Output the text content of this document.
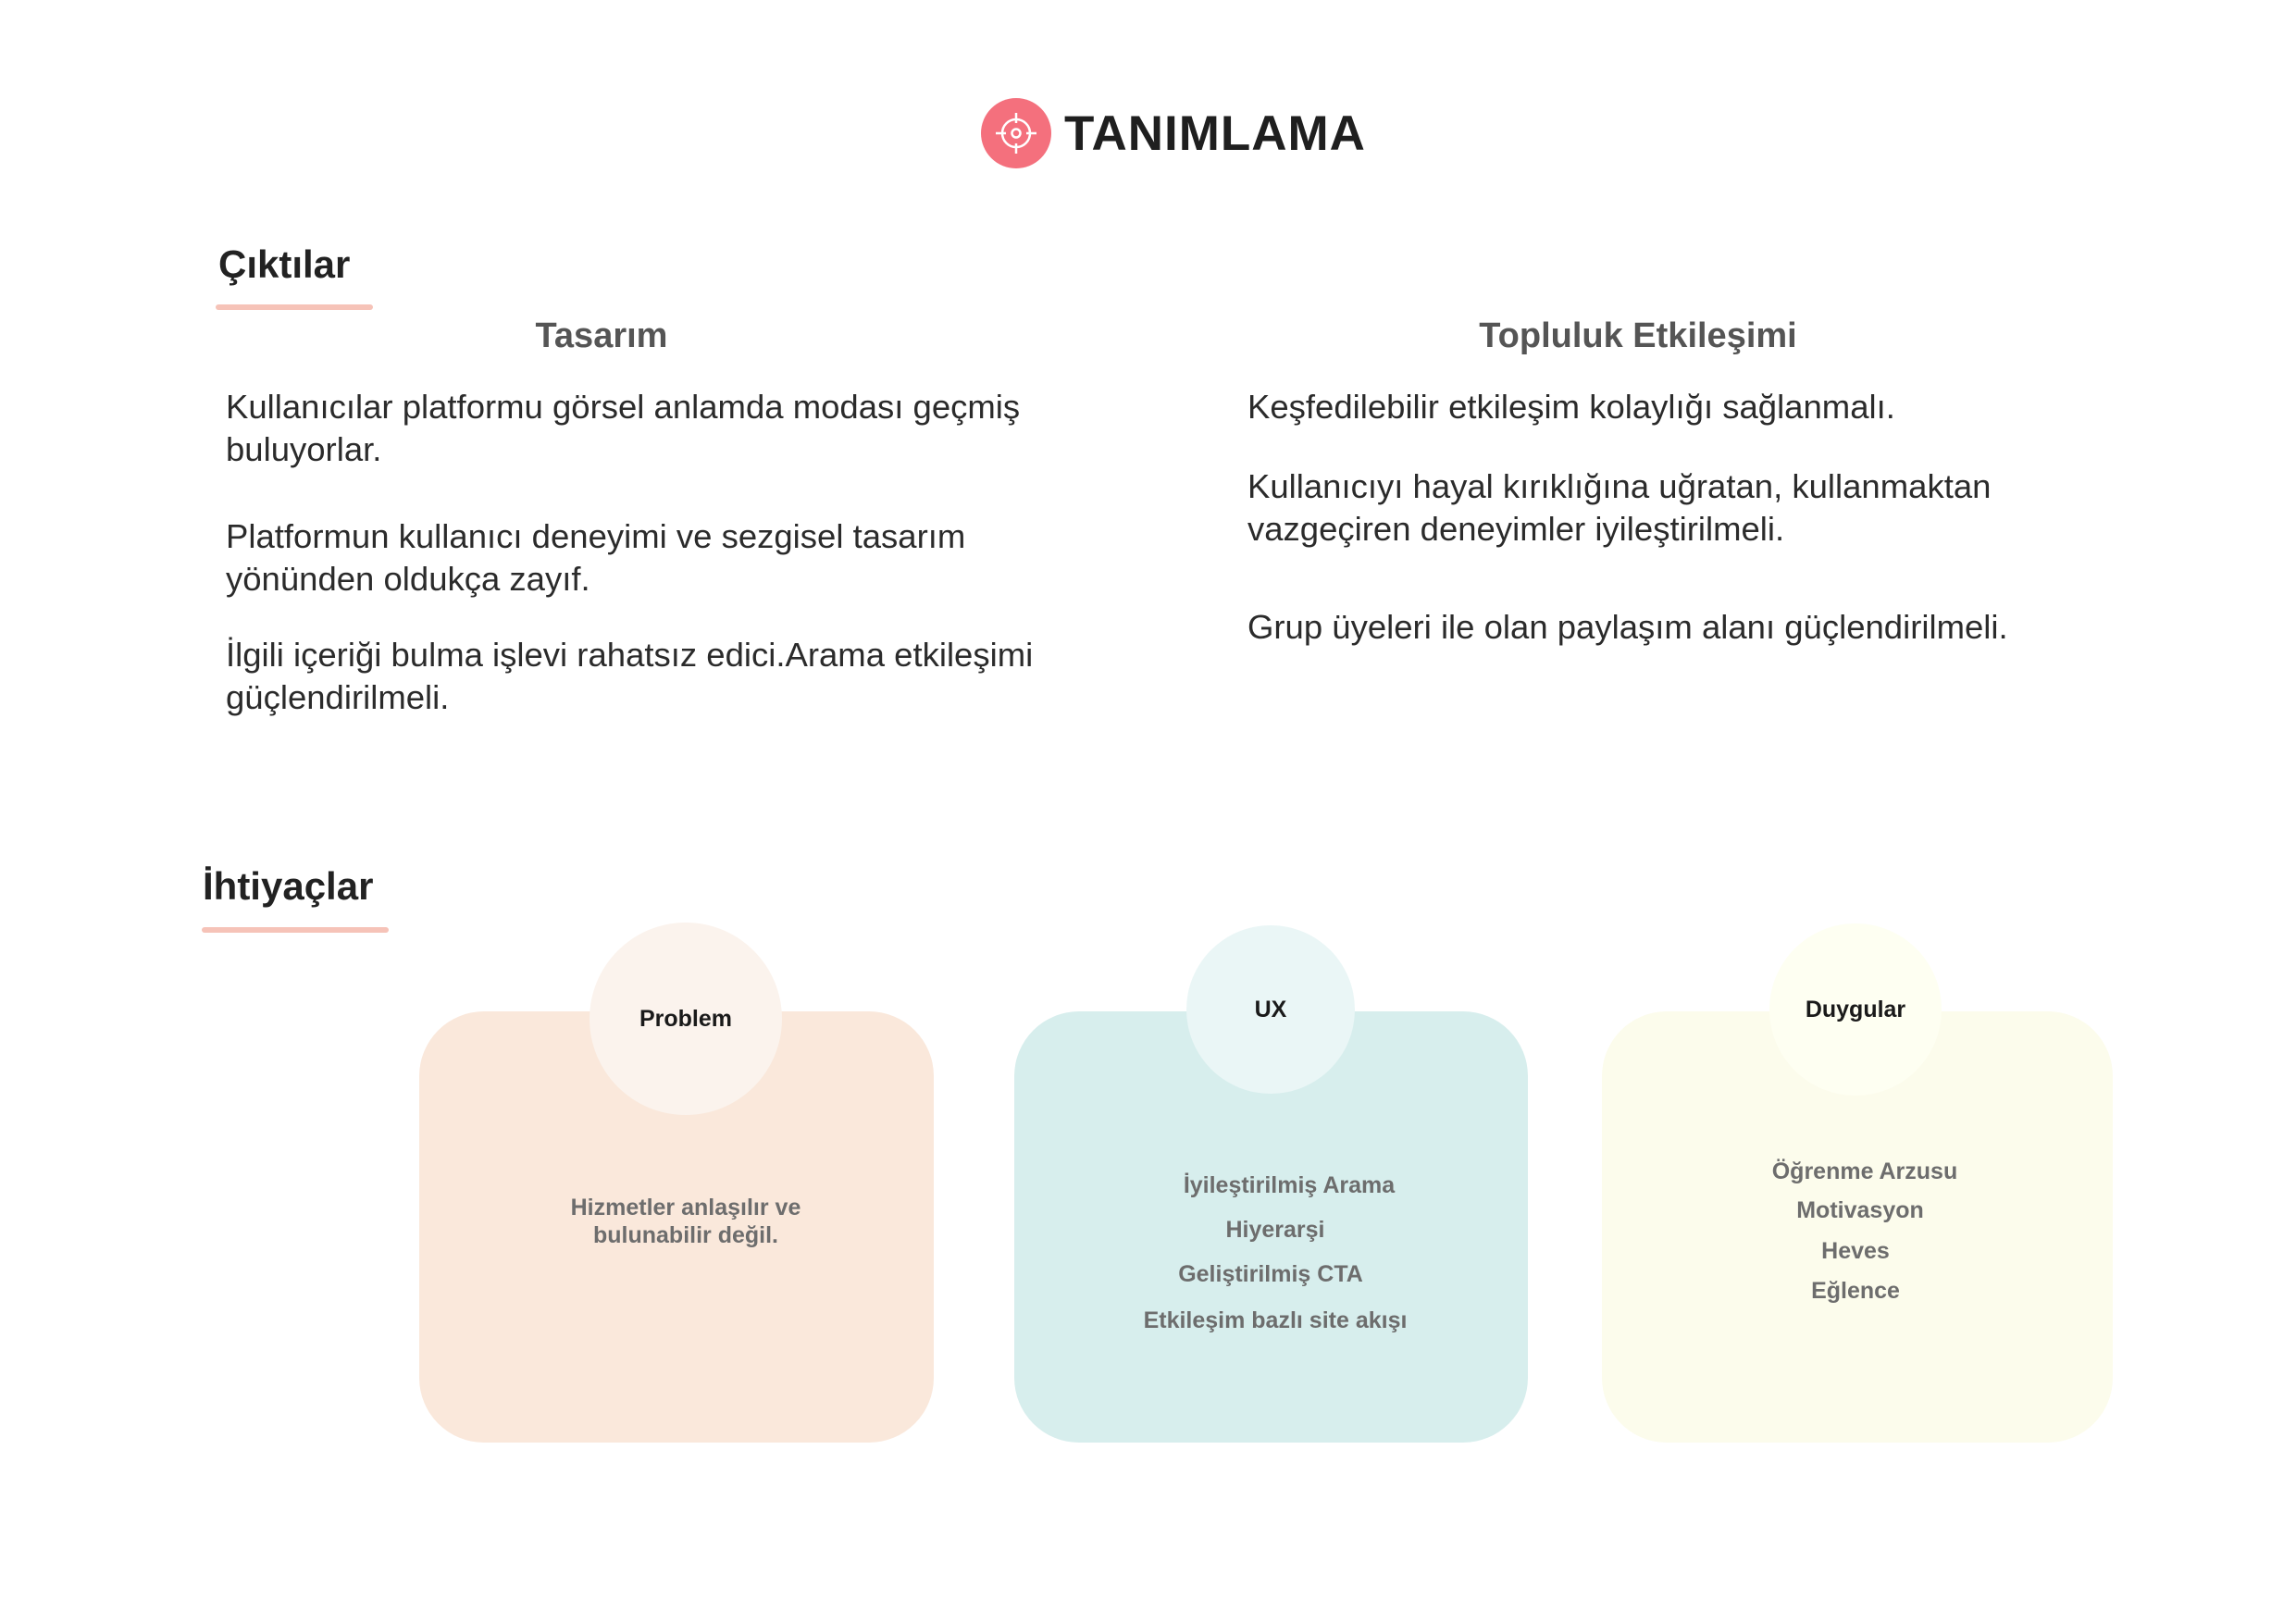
TANIMLAMA
Çıktılar
Tasarım	Topluluk Etkileşimi

Kullanıcılar platformu görsel anlamda modası geçmiş buluyorlar.

Platformun kullanıcı deneyimi ve sezgisel tasarım yönünden oldukça zayıf.

İlgili içeriği bulma işlevi rahatsız edici.Arama etkileşimi güçlendirilmeli.

Keşfedilebilir etkileşim kolaylığı sağlanmalı.

Kullanıcıyı hayal kırıklığına uğratan, kullanmaktan vazgeçiren deneyimler iyileştirilmeli.

Grup üyeleri ile olan paylaşım alanı güçlendirilmeli.

İhtiyaçlar
Problem
Hizmetler anlaşılır ve
bulunabilir değil.
UX
İyileştirilmiş Arama
Hiyerarşi
Geliştirilmiş CTA
Etkileşim bazlı site akışı
Duygular
Öğrenme Arzusu
Motivasyon
Heves
Eğlence
